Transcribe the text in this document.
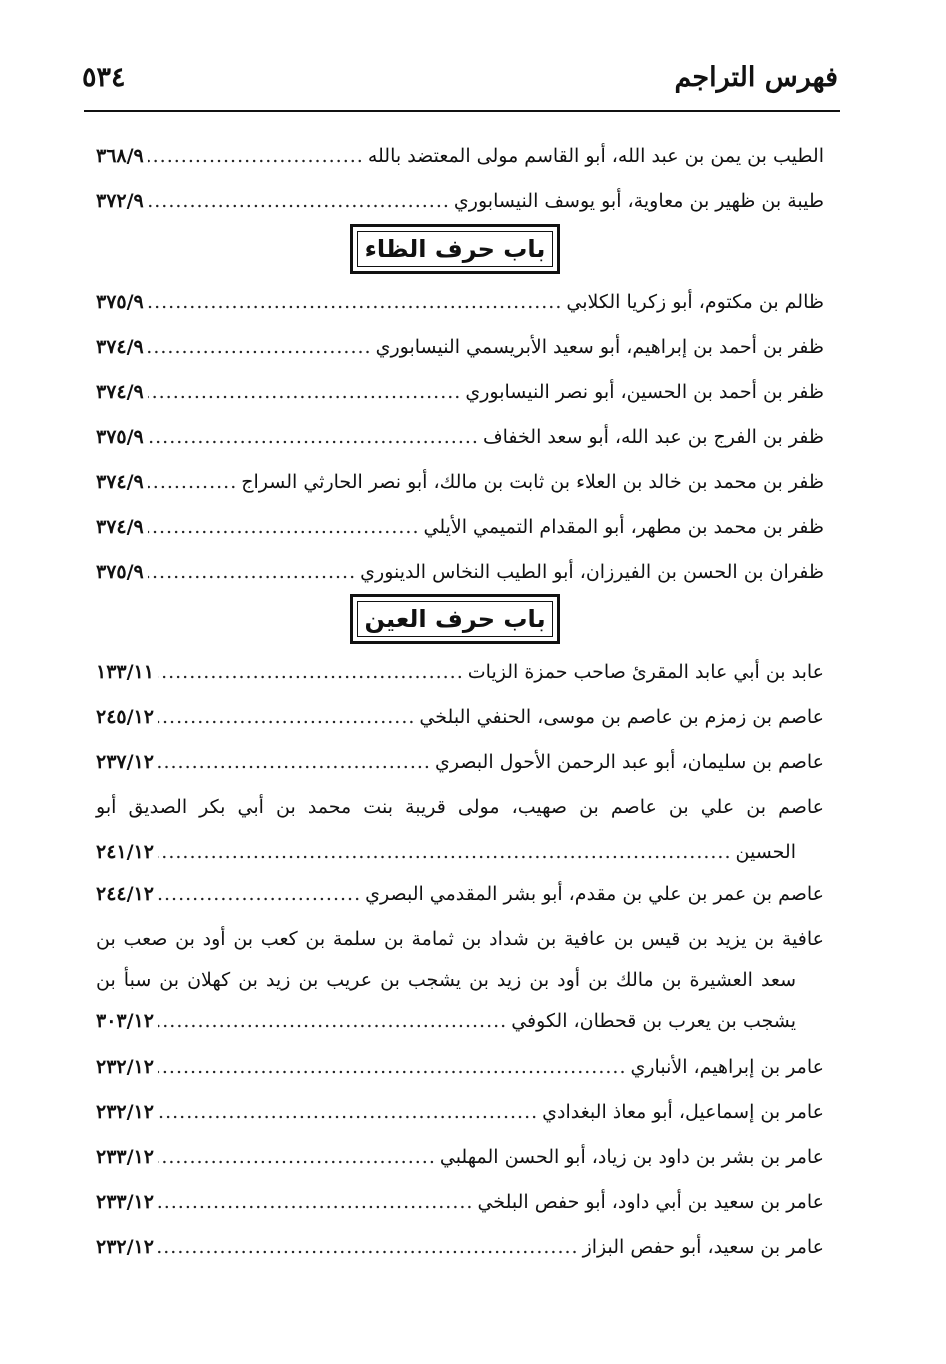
فهرس التراجم
٥٣٤
الطيب بن يمن بن عبد الله، أبو القاسم مولى المعتضد بالله
.....
٣٦٨/٩
طيبة بن ظهير بن معاوية، أبو يوسف النيسابوري
.....
٣٧٢/٩
باب حرف الظاء
ظالم بن مكتوم، أبو زكريا الكلابي
.....
٣٧٥/٩
ظفر بن أحمد بن إبراهيم، أبو سعيد الأبريسمي النيسابوري
.....
٣٧٤/٩
ظفر بن أحمد بن الحسين، أبو نصر النيسابوري
.....
٣٧٤/٩
ظفر بن الفرج بن عبد الله، أبو سعد الخفاف
.....
٣٧٥/٩
ظفر بن محمد بن خالد بن العلاء بن ثابت بن مالك، أبو نصر الحارثي السراج
.....
٣٧٤/٩
ظفر بن محمد بن مطهر، أبو المقدام التميمي الأيلي
.....
٣٧٤/٩
ظفران بن الحسن بن الفيرزان، أبو الطيب النخاس الدينوري
.....
٣٧٥/٩
باب حرف العين
عابد بن أبي عابد المقرئ صاحب حمزة الزيات
.....
١٣٣/١١
عاصم بن زمزم بن عاصم بن موسى، الحنفي البلخي
.....
٢٤٥/١٢
عاصم بن سليمان، أبو عبد الرحمن الأحول البصري
.....
٢٣٧/١٢
عاصم بن علي بن عاصم بن صهيب، مولى قريبة بنت محمد بن أبي بكر الصديق أبو
الحسين
.....
٢٤١/١٢
عاصم بن عمر بن علي بن مقدم، أبو بشر المقدمي البصري
.....
٢٤٤/١٢
عافية بن يزيد بن قيس بن عافية بن شداد بن ثمامة بن سلمة بن كعب بن أود بن صعب بن
سعد العشيرة بن مالك بن أود بن زيد بن يشجب بن عريب بن زيد بن كهلان بن سبأ بن
يشجب بن يعرب بن قحطان، الكوفي
.....
٣٠٣/١٢
عامر بن إبراهيم، الأنباري
.....
٢٣٢/١٢
عامر بن إسماعيل، أبو معاذ البغدادي
.....
٢٣٢/١٢
عامر بن بشر بن داود بن زياد، أبو الحسن المهلبي
.....
٢٣٣/١٢
عامر بن سعيد بن أبي داود، أبو حفص البلخي
.....
٢٣٣/١٢
عامر بن سعيد، أبو حفص البزاز
.....
٢٣٢/١٢
